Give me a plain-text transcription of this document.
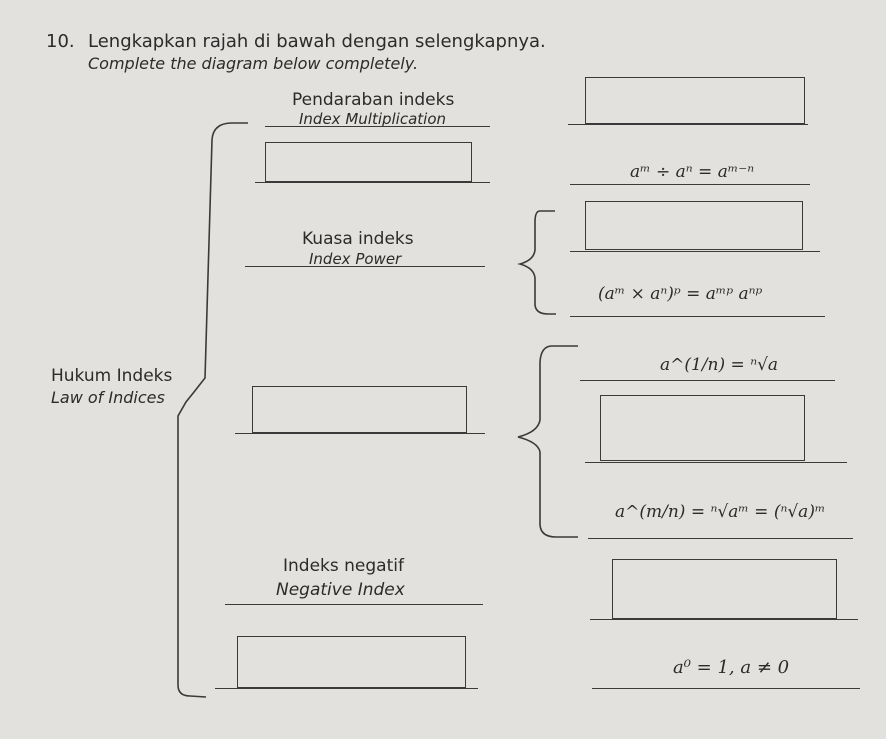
10. Lengkapkan rajah di bawah dengan selengkapnya.
Complete the diagram below completely.
Hukum Indeks
Law of Indices
Pendaraban indeks
Index Multiplication
aᵐ ÷ aⁿ = aᵐ⁻ⁿ
Kuasa indeks
Index Power
(aᵐ × aⁿ)ᵖ = aᵐᵖ aⁿᵖ
a^(1/n) = ⁿ√a
a^(m/n) = ⁿ√aᵐ = (ⁿ√a)ᵐ
Indeks negatif
Negative Index
a⁰ = 1, a ≠ 0
